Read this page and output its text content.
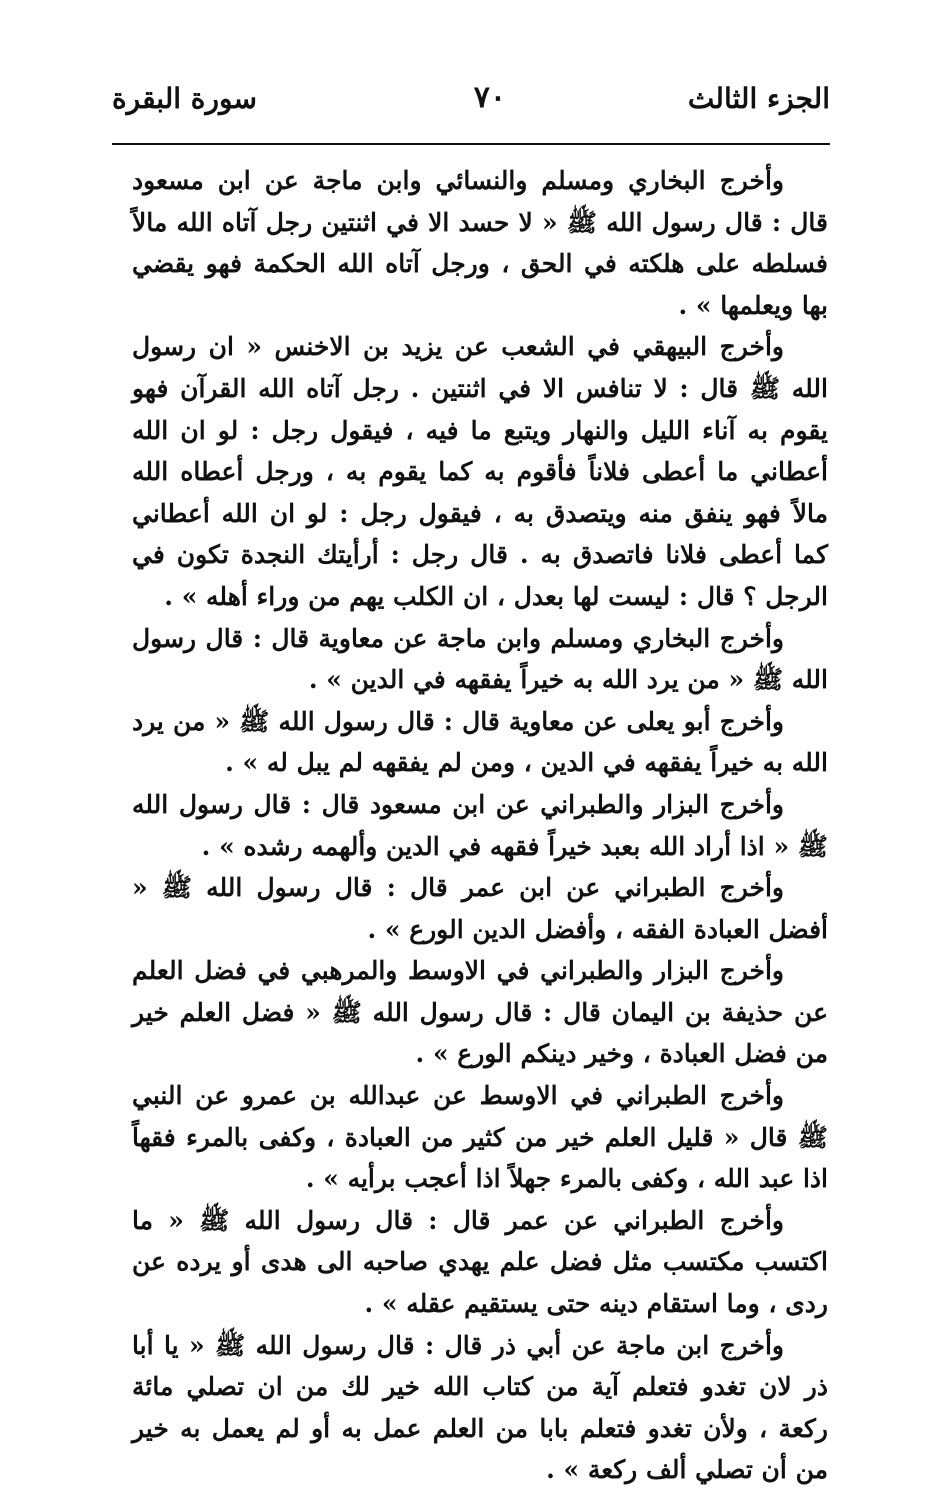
الجزء الثالث
٧٠
سورة البقرة

وأخرج البخاري ومسلم والنسائي وابن ماجة عن ابن مسعود قال : قال رسول الله ﷺ « لا حسد الا في اثنتين رجل آتاه الله مالاً فسلطه على هلكته في الحق ، ورجل آتاه الله الحكمة فهو يقضي بها ويعلمها » .

وأخرج البيهقي في الشعب عن يزيد بن الاخنس « ان رسول الله ﷺ قال : لا تنافس الا في اثنتين . رجل آتاه الله القرآن فهو يقوم به آناء الليل والنهار ويتبع ما فيه ، فيقول رجل : لو ان الله أعطاني ما أعطى فلاناً فأقوم به كما يقوم به ، ورجل أعطاه الله مالاً فهو ينفق منه ويتصدق به ، فيقول رجل : لو ان الله أعطاني كما أعطى فلانا فاتصدق به . قال رجل : أرأيتك النجدة تكون في الرجل ؟ قال : ليست لها بعدل ، ان الكلب يهم من وراء أهله » .

وأخرج البخاري ومسلم وابن ماجة عن معاوية قال : قال رسول الله ﷺ « من يرد الله به خيراً يفقهه في الدين » .

وأخرج أبو يعلى عن معاوية قال : قال رسول الله ﷺ « من يرد الله به خيراً يفقهه في الدين ، ومن لم يفقهه لم يبل له » .

وأخرج البزار والطبراني عن ابن مسعود قال : قال رسول الله ﷺ « اذا أراد الله بعبد خيراً فقهه في الدين وألهمه رشده » .

وأخرج الطبراني عن ابن عمر قال : قال رسول الله ﷺ « أفضل العبادة الفقه ، وأفضل الدين الورع » .

وأخرج البزار والطبراني في الاوسط والمرهبي في فضل العلم عن حذيفة بن اليمان قال : قال رسول الله ﷺ « فضل العلم خير من فضل العبادة ، وخير دينكم الورع » .

وأخرج الطبراني في الاوسط عن عبدالله بن عمرو عن النبي ﷺ قال « قليل العلم خير من كثير من العبادة ، وكفى بالمرء فقهاً اذا عبد الله ، وكفى بالمرء جهلاً اذا أعجب برأيه » .

وأخرج الطبراني عن عمر قال : قال رسول الله ﷺ « ما اكتسب مكتسب مثل فضل علم يهدي صاحبه الى هدى أو يرده عن ردى ، وما استقام دينه حتى يستقيم عقله » .

وأخرج ابن ماجة عن أبي ذر قال : قال رسول الله ﷺ « يا أبا ذر لان تغدو فتعلم آية من كتاب الله خير لك من ان تصلي مائة ركعة ، ولأن تغدو فتعلم بابا من العلم عمل به أو لم يعمل به خير من أن تصلي ألف ركعة » .
